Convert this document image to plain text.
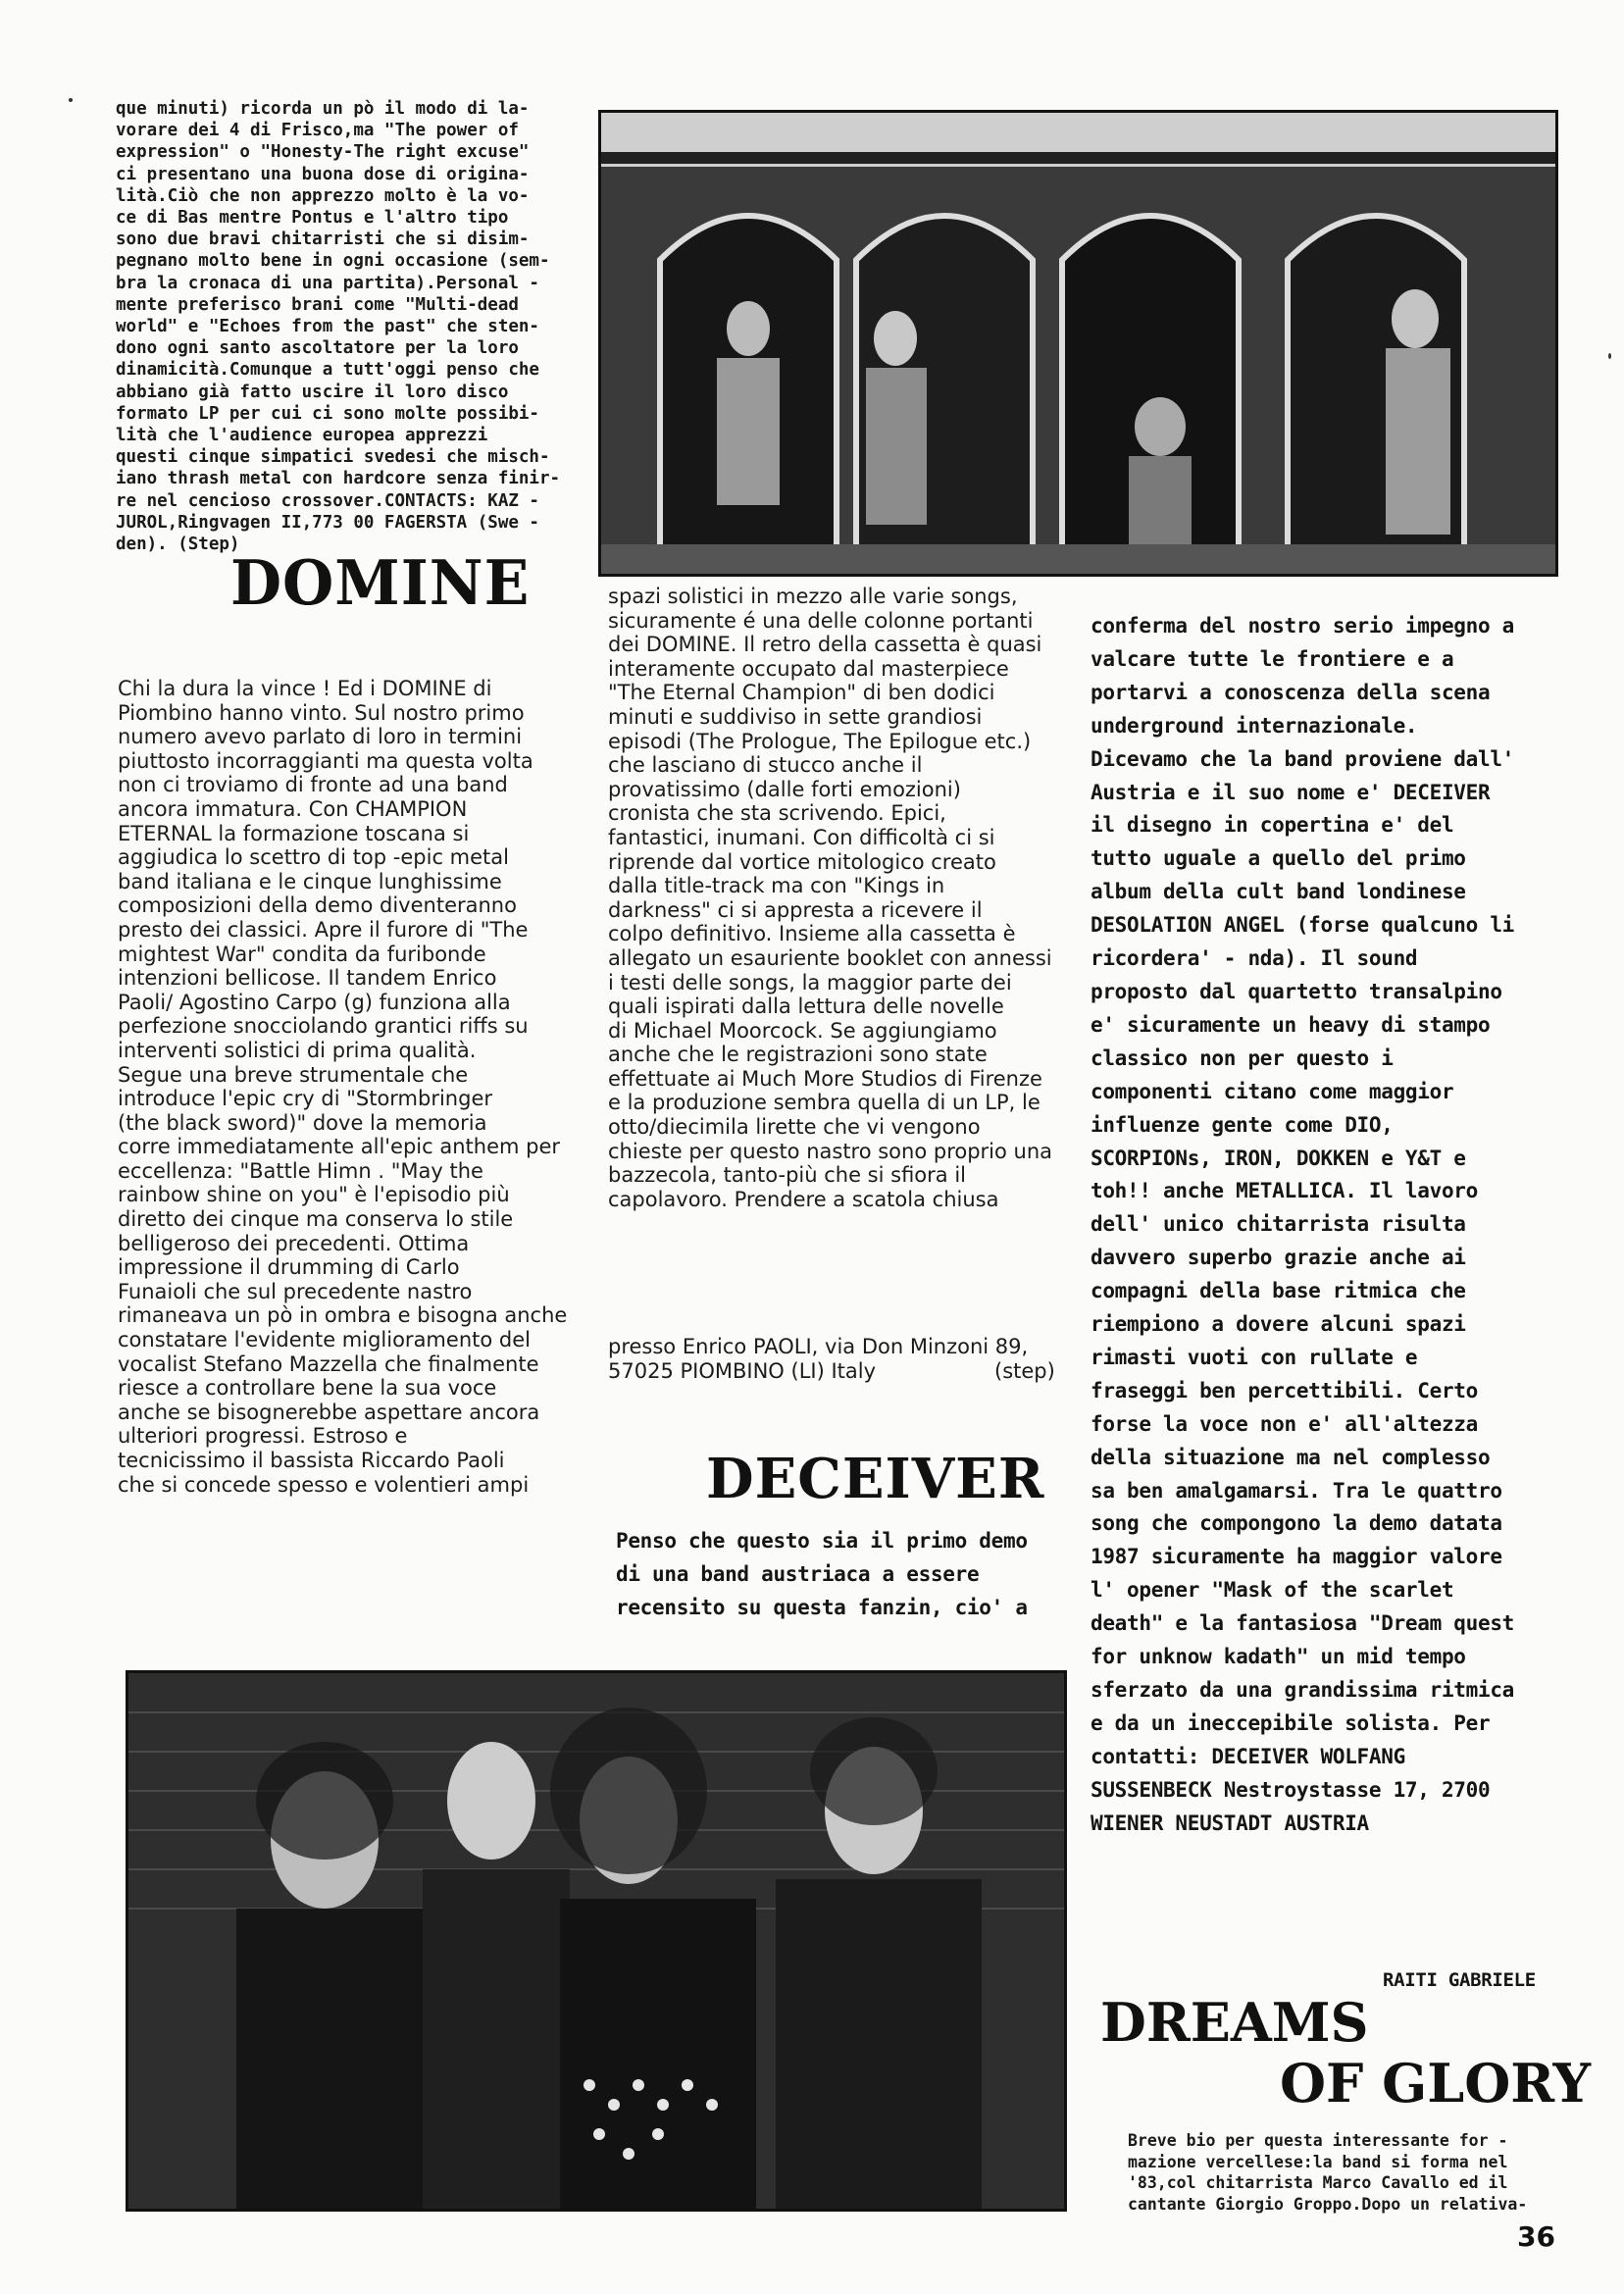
que minuti) ricorda un pò il modo di la-
vorare dei 4 di Frisco,ma "The power of
expression" o "Honesty-The right excuse"
ci presentano una buona dose di origina-
lità.Ciò che non apprezzo molto è la vo-
ce di Bas mentre Pontus e l'altro tipo
sono due bravi chitarristi che si disim-
pegnano molto bene in ogni occasione (sem-
bra la cronaca di una partita).Personal -
mente preferisco brani come "Multi-dead
world" e "Echoes from the past" che sten-
dono ogni santo ascoltatore per la loro
dinamicità.Comunque a tutt'oggi penso che
abbiano già fatto uscire il loro disco
formato LP per cui ci sono molte possibi-
lità che l'audience europea apprezzi
questi cinque simpatici svedesi che misch-
iano thrash metal con hardcore senza finir-
re nel cencioso crossover.CONTACTS: KAZ -
JUROL,Ringvagen II,773 00 FAGERSTA (Swe -
den). (Step)
DOMINE
Chi la dura la vince ! Ed i DOMINE di
Piombino hanno vinto. Sul nostro primo
numero avevo parlato di loro in termini
piuttosto incorraggianti ma questa volta
non ci troviamo di fronte ad una band
ancora immatura. Con CHAMPION
ETERNAL la formazione toscana si
aggiudica lo scettro di top -epic metal
band italiana e le cinque lunghissime
composizioni della demo diventeranno
presto dei classici. Apre il furore di "The
mightest War" condita da furibonde
intenzioni bellicose. Il tandem Enrico
Paoli/ Agostino Carpo (g) funziona alla
perfezione snocciolando grantici riffs su
interventi solistici di prima qualità.
Segue una breve strumentale che
introduce l'epic cry di "Stormbringer
(the black sword)" dove la memoria
corre immediatamente all'epic anthem per
eccellenza: "Battle Himn . "May the
rainbow shine on you" è l'episodio più
diretto dei cinque ma conserva lo stile
belligeroso dei precedenti. Ottima
impressione il drumming di Carlo
Funaioli che sul precedente nastro
rimaneava un pò in ombra e bisogna anche
constatare l'evidente miglioramento del
vocalist Stefano Mazzella che finalmente
riesce a controllare bene la sua voce
anche se bisognerebbe aspettare ancora
ulteriori progressi. Estroso e
tecnicissimo il bassista Riccardo Paoli
che si concede spesso e volentieri ampi
spazi solistici in mezzo alle varie songs,
sicuramente é una delle colonne portanti
dei DOMINE. Il retro della cassetta è quasi
interamente occupato dal masterpiece
"The Eternal Champion" di ben dodici
minuti e suddiviso in sette grandiosi
episodi (The Prologue, The Epilogue etc.)
che lasciano di stucco anche il
provatissimo (dalle forti emozioni)
cronista che sta scrivendo. Epici,
fantastici, inumani. Con difficoltà ci si
riprende dal vortice mitologico creato
dalla title-track ma con "Kings in
darkness" ci si appresta a ricevere il
colpo definitivo. Insieme alla cassetta è
allegato un esauriente booklet con annessi
i testi delle songs, la maggior parte dei
quali ispirati dalla lettura delle novelle
di Michael Moorcock. Se aggiungiamo
anche che le registrazioni sono state
effettuate ai Much More Studios di Firenze
e la produzione sembra quella di un LP, le
otto/diecimila lirette che vi vengono
chieste per questo nastro sono proprio una
bazzecola, tanto-più che si sfiora il
capolavoro. Prendere a scatola chiusa
presso Enrico PAOLI, via Don Minzoni 89,
57025 PIOMBINO (LI) Italy	(step)
DECEIVER
Penso che questo sia il primo demo
di una band austriaca a essere
recensito su questa fanzin, cio' a
conferma del nostro serio impegno a
valcare tutte le frontiere e a
portarvi a conoscenza della scena
underground internazionale.
Dicevamo che la band proviene dall'
Austria e il suo nome e' DECEIVER
il disegno in copertina e' del
tutto uguale a quello del primo
album della cult band londinese
DESOLATION ANGEL (forse qualcuno li
ricordera' - nda). Il sound
proposto dal quartetto transalpino
e' sicuramente un heavy di stampo
classico non per questo i
componenti citano come maggior
influenze gente come DIO,
SCORPIONs, IRON, DOKKEN e Y&T e
toh!! anche METALLICA. Il lavoro
dell' unico chitarrista risulta
davvero superbo grazie anche ai
compagni della base ritmica che
riempiono a dovere alcuni spazi
rimasti vuoti con rullate e
fraseggi ben percettibili. Certo
forse la voce non e' all'altezza
della situazione ma nel complesso
sa ben amalgamarsi. Tra le quattro
song che compongono la demo datata
1987 sicuramente ha maggior valore
l' opener "Mask of the scarlet
death" e la fantasiosa "Dream quest
for unknow kadath" un mid tempo
sferzato da una grandissima ritmica
e da un ineccepibile solista. Per
contatti: DECEIVER WOLFANG
SUSSENBECK Nestroystasse 17, 2700
WIENER NEUSTADT AUSTRIA
RAITI GABRIELE
DREAMS
OF GLORY
Breve bio per questa interessante for -
mazione vercellese:la band si forma nel
'83,col chitarrista Marco Cavallo ed il
cantante Giorgio Groppo.Dopo un relativa-
36
